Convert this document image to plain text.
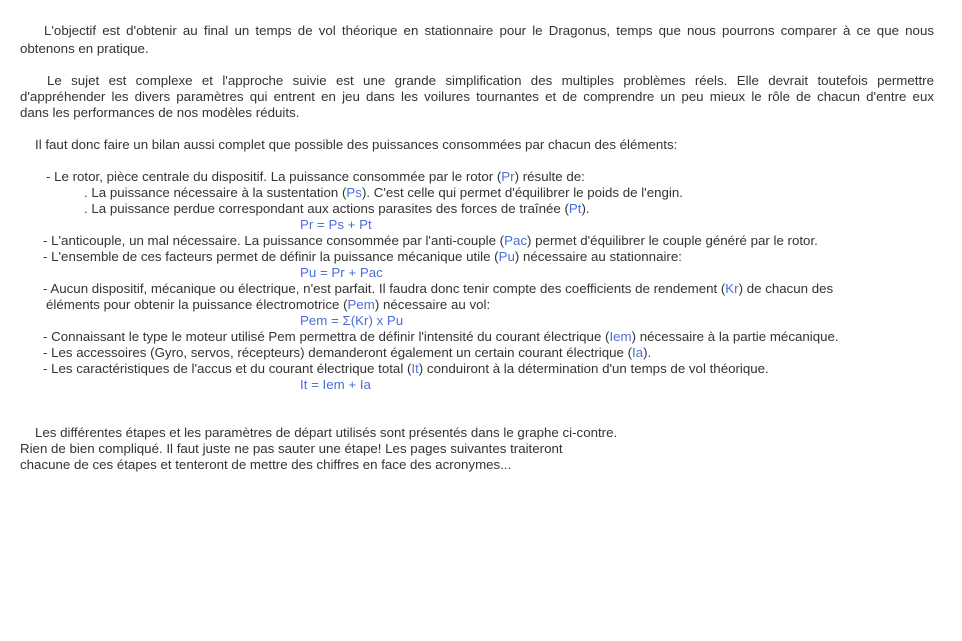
L'objectif est d'obtenir au final un temps de vol théorique en stationnaire pour le Dragonus, temps que nous pourrons comparer à ce que nous
obtenons en pratique.
Le sujet est complexe et l'approche suivie est une grande simplification des multiples problèmes réels. Elle devrait toutefois permettre
d'appréhender les divers paramètres qui entrent en jeu dans les voilures tournantes et de comprendre un peu mieux le rôle de chacun d'entre eux
dans les performances de nos modèles réduits.
Il faut donc faire un bilan aussi complet que possible des puissances consommées par chacun des éléments:
- Le rotor, pièce centrale du dispositif. La puissance consommée par le rotor (Pr) résulte de:
. La puissance nécessaire à la sustentation (Ps). C'est celle qui permet d'équilibrer le poids de l'engin.
. La puissance perdue correspondant aux actions parasites des forces de traînée (Pt).
Pr = Ps + Pt
- L'anticouple, un mal nécessaire. La puissance consommée par l'anti-couple (Pac) permet d'équilibrer le couple généré par le rotor.
- L'ensemble de ces facteurs permet de définir la puissance mécanique utile (Pu) nécessaire au stationnaire:
Pu = Pr + Pac
- Aucun dispositif, mécanique ou électrique, n'est parfait. Il faudra donc tenir compte des coefficients de rendement (Kr) de chacun des
éléments pour obtenir la puissance électromotrice (Pem) nécessaire au vol:
Pem = Σ(Kr) x Pu
- Connaissant le type le moteur utilisé Pem permettra de définir l'intensité du courant électrique (Iem) nécessaire à la partie mécanique.
- Les accessoires (Gyro, servos, récepteurs) demanderont également un certain courant électrique (Ia).
- Les caractéristiques de l'accus et du courant électrique total (It) conduiront à la détermination d'un temps de vol théorique.
It = Iem + Ia
Les différentes étapes et les paramètres de départ utilisés sont présentés dans le graphe ci-contre.
Rien de bien compliqué. Il faut juste ne pas sauter une étape! Les pages suivantes traiteront
chacune de ces étapes et tenteront de mettre des chiffres en face des acronymes...
